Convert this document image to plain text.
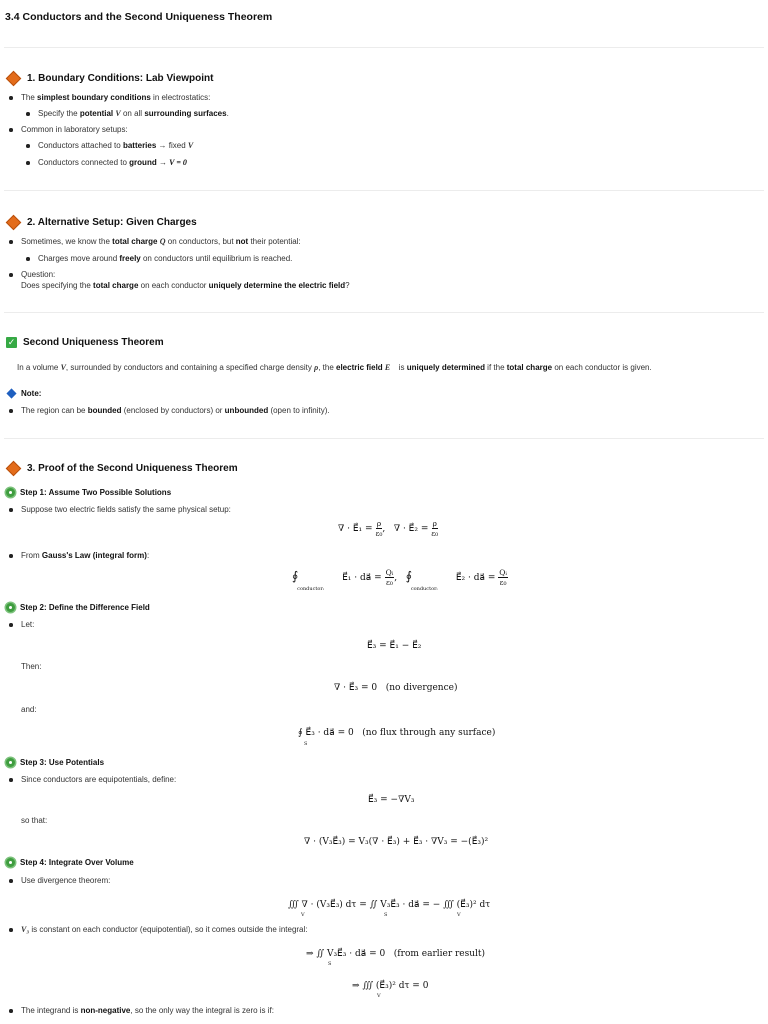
3.4 Conductors and the Second Uniqueness Theorem
1. Boundary Conditions: Lab Viewpoint
The simplest boundary conditions in electrostatics:
Specify the potential V on all surrounding surfaces.
Common in laboratory setups:
Conductors attached to batteries → fixed V
Conductors connected to ground → V = 0
2. Alternative Setup: Given Charges
Sometimes, we know the total charge Q on conductors, but not their potential:
Charges move around freely on conductors until equilibrium is reached.
Question:
Does specifying the total charge on each conductor uniquely determine the electric field?
✓ Second Uniqueness Theorem
In a volume V, surrounded by conductors and containing a specified charge density ρ, the electric field E⃗ is uniquely determined if the total charge on each conductor is given.
Note:
The region can be bounded (enclosed by conductors) or unbounded (open to infinity).
3. Proof of the Second Uniqueness Theorem
Step 1: Assume Two Possible Solutions
Suppose two electric fields satisfy the same physical setup:
∇ · E⃗₁ = $\frac{\rho}{\text{ε₀}}$ ,   ∇ · E⃗₂ = $\frac{\rho}{\text{ε₀}}$
From Gauss's Law (integral form):
∮ $_{conductorᵢ}$     E⃗₁ · da⃗ = $\frac{\text{Qᵢ}}{\text{ε₀}}$ ,   ∮ $_{conductorᵢ}$     E⃗₂ · da⃗ = $\frac{\text{Qᵢ}}{\text{ε₀}}$
Step 2: Define the Difference Field
Let:
E⃗₃ = E⃗₁ − E⃗₂
Then:
∇ · E⃗₃ = 0 (no divergence)
and:
∮ E⃗₃ · da⃗ = 0 (no flux through any surface)
S
Step 3: Use Potentials
Since conductors are equipotentials, define:
E⃗₃ = −∇V₃
so that:
∇ · (V₃E⃗₃) = V₃(∇ · E⃗₃) + E⃗₃ · ∇V₃ = −(E⃗₃)²
Step 4: Integrate Over Volume
Use divergence theorem:
∭ ∇ · (V₃E⃗₃) dτ = ∬ V₃E⃗₃ · da⃗ = − ∭ (E⃗₃)² dτ
V	S	V
V₃ is constant on each conductor (equipotential), so it comes outside the integral:
⇒ ∬ V₃E⃗₃ · da⃗ = 0 (from earlier result)
S
⇒ ∭ (E⃗₃)² dτ = 0
V
The integrand is non-negative, so the only way the integral is zero is if:
